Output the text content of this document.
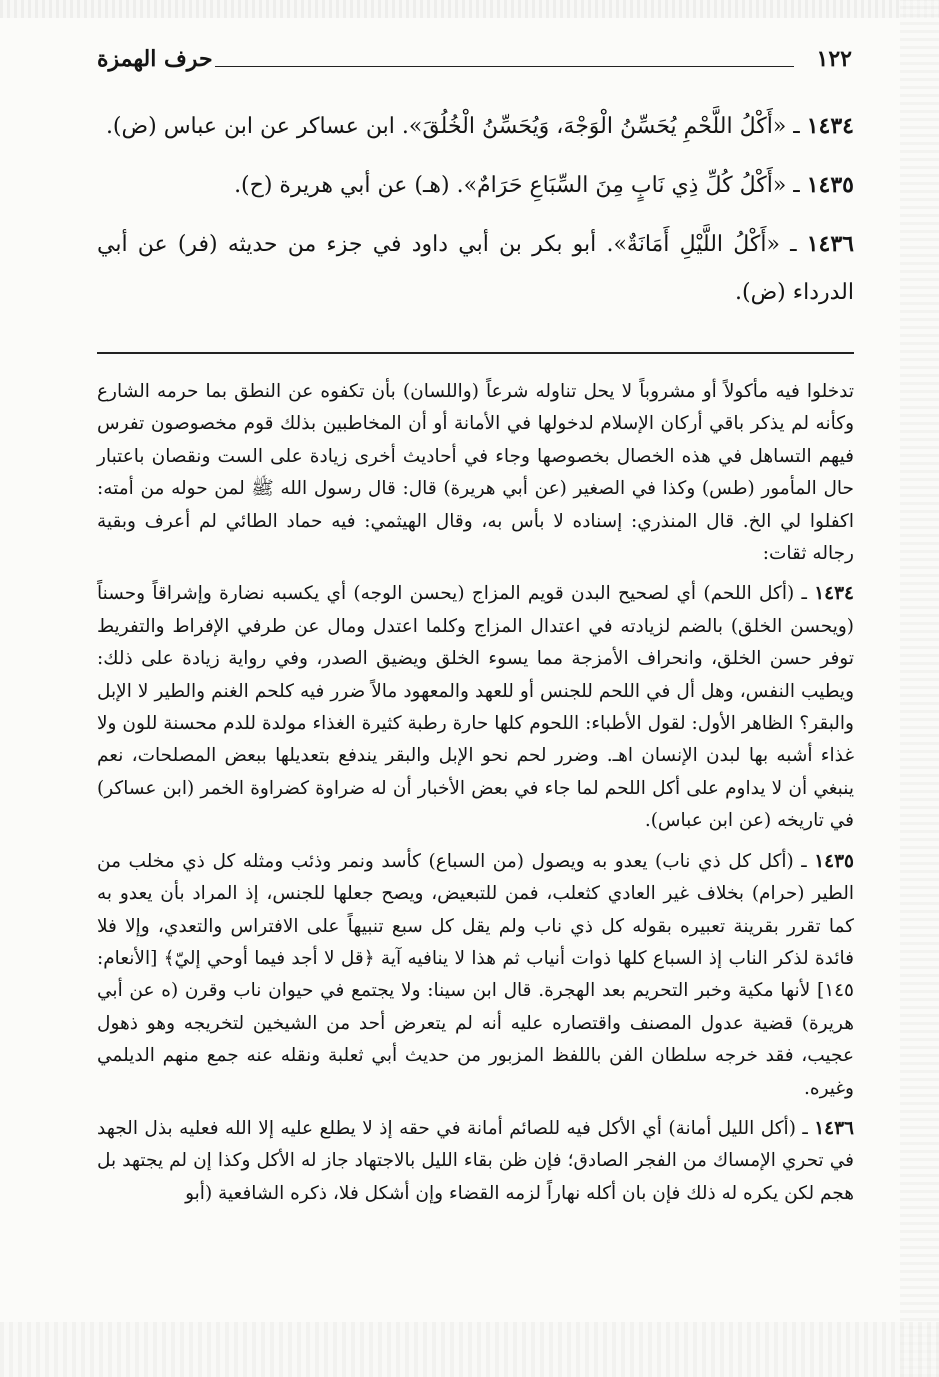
١٢٢
حرف الهمزة

١٤٣٤ ـ «أَكْلُ اللَّحْمِ يُحَسِّنُ الْوَجْهَ، وَيُحَسِّنُ الْخُلُقَ». ابن عساكر عن ابن عباس (ض).

١٤٣٥ ـ «أَكْلُ كُلِّ ذِي نَابٍ مِنَ السِّبَاعِ حَرَامٌ». (هـ) عن أبي هريرة (ح).

١٤٣٦ ـ «أَكْلُ اللَّيْلِ أَمَانَةٌ». أبو بكر بن أبي داود في جزء من حديثه (فر) عن أبي الدرداء (ض).

تدخلوا فيه مأكولاً أو مشروباً لا يحل تناوله شرعاً (واللسان) بأن تكفوه عن النطق بما حرمه الشارع وكأنه لم يذكر باقي أركان الإسلام لدخولها في الأمانة أو أن المخاطبين بذلك قوم مخصوصون تفرس فيهم التساهل في هذه الخصال بخصوصها وجاء في أحاديث أخرى زيادة على الست ونقصان باعتبار حال المأمور (طس) وكذا في الصغير (عن أبي هريرة) قال: قال رسول الله ﷺ لمن حوله من أمته: اكفلوا لي الخ. قال المنذري: إسناده لا بأس به، وقال الهيثمي: فيه حماد الطائي لم أعرف وبقية رجاله ثقات:

١٤٣٤ ـ (أكل اللحم) أي لصحيح البدن قويم المزاج (يحسن الوجه) أي يكسبه نضارة وإشراقاً وحسناً (ويحسن الخلق) بالضم لزيادته في اعتدال المزاج وكلما اعتدل ومال عن طرفي الإفراط والتفريط توفر حسن الخلق، وانحراف الأمزجة مما يسوء الخلق ويضيق الصدر، وفي رواية زيادة على ذلك: ويطيب النفس، وهل أل في اللحم للجنس أو للعهد والمعهود مالاً ضرر فيه كلحم الغنم والطير لا الإبل والبقر؟ الظاهر الأول: لقول الأطباء: اللحوم كلها حارة رطبة كثيرة الغذاء مولدة للدم محسنة للون ولا غذاء أشبه بها لبدن الإنسان اهـ. وضرر لحم نحو الإبل والبقر يندفع بتعديلها ببعض المصلحات، نعم ينبغي أن لا يداوم على أكل اللحم لما جاء في بعض الأخبار أن له ضراوة كضراوة الخمر (ابن عساكر) في تاريخه (عن ابن عباس).

١٤٣٥ ـ (أكل كل ذي ناب) يعدو به ويصول (من السباع) كأسد ونمر وذئب ومثله كل ذي مخلب من الطير (حرام) بخلاف غير العادي كثعلب، فمن للتبعيض، ويصح جعلها للجنس، إذ المراد بأن يعدو به كما تقرر بقرينة تعبيره بقوله كل ذي ناب ولم يقل كل سبع تنبيهاً على الافتراس والتعدي، وإلا فلا فائدة لذكر الناب إذ السباع كلها ذوات أنياب ثم هذا لا ينافيه آية ﴿قل لا أجد فيما أوحي إليّ﴾ [الأنعام: ١٤٥] لأنها مكية وخبر التحريم بعد الهجرة. قال ابن سينا: ولا يجتمع في حيوان ناب وقرن (ه عن أبي هريرة) قضية عدول المصنف واقتصاره عليه أنه لم يتعرض أحد من الشيخين لتخريجه وهو ذهول عجيب، فقد خرجه سلطان الفن باللفظ المزبور من حديث أبي ثعلبة ونقله عنه جمع منهم الديلمي وغيره.

١٤٣٦ ـ (أكل الليل أمانة) أي الأكل فيه للصائم أمانة في حقه إذ لا يطلع عليه إلا الله فعليه بذل الجهد في تحري الإمساك من الفجر الصادق؛ فإن ظن بقاء الليل بالاجتهاد جاز له الأكل وكذا إن لم يجتهد بل هجم لكن يكره له ذلك فإن بان أكله نهاراً لزمه القضاء وإن أشكل فلا، ذكره الشافعية (أبو
